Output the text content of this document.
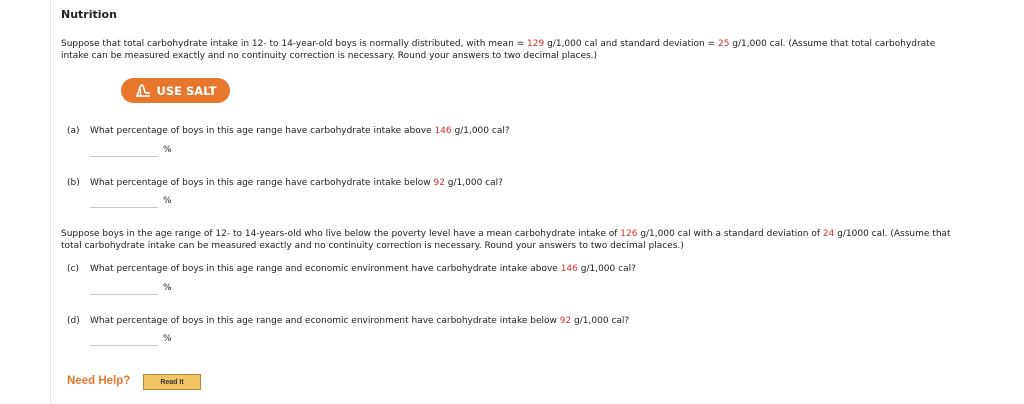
Nutrition
Suppose that total carbohydrate intake in 12- to 14-year-old boys is normally distributed, with mean = 129 g/1,000 cal and standard deviation = 25 g/1,000 cal. (Assume that total carbohydrate
intake can be measured exactly and no continuity correction is necessary. Round your answers to two decimal places.)
USE SALT
(a) What percentage of boys in this age range have carbohydrate intake above 146 g/1,000 cal?
%
(b) What percentage of boys in this age range have carbohydrate intake below 92 g/1,000 cal?
%
Suppose boys in the age range of 12- to 14-years-old who live below the poverty level have a mean carbohydrate intake of 126 g/1,000 cal with a standard deviation of 24 g/1000 cal. (Assume that
total carbohydrate intake can be measured exactly and no continuity correction is necessary. Round your answers to two decimal places.)
(c) What percentage of boys in this age range and economic environment have carbohydrate intake above 146 g/1,000 cal?
%
(d) What percentage of boys in this age range and economic environment have carbohydrate intake below 92 g/1,000 cal?
%
Need Help?	Read It
